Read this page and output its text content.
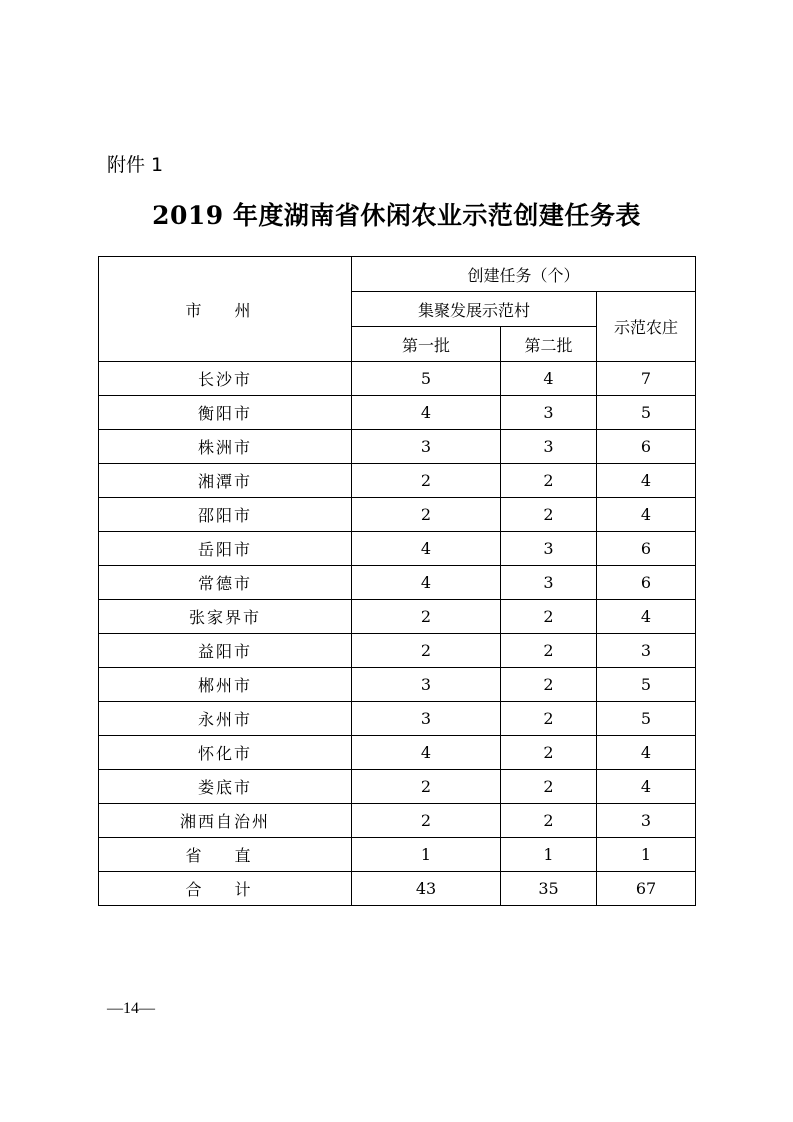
附件 1
2019 年度湖南省休闲农业示范创建任务表
市 州	创建任务（个）		
	集聚发展示范村		示范农庄
	第一批	第二批	
长沙市	5	4	7
衡阳市	4	3	5
株洲市	3	3	6
湘潭市	2	2	4
邵阳市	2	2	4
岳阳市	4	3	6
常德市	4	3	6
张家界市	2	2	4
益阳市	2	2	3
郴州市	3	2	5
永州市	3	2	5
怀化市	4	2	4
娄底市	2	2	4
湘西自治州	2	2	3
省 直	1	1	1
合 计	43	35	67
—14—
